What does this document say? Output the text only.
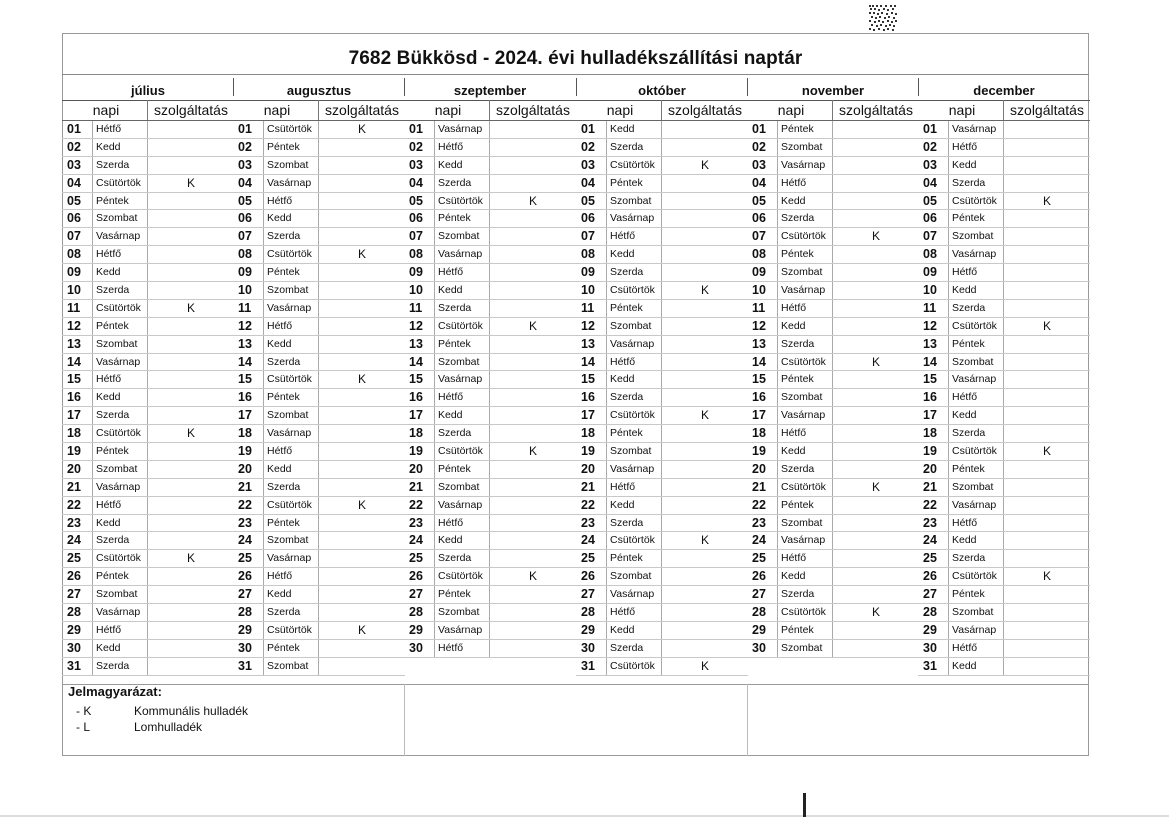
7682 Bükkösd - 2024. évi hulladékszállítási naptár
július
napi	szolgáltatás
01	Hétfő
02	Kedd
03	Szerda
04	Csütörtök	K
05	Péntek
06	Szombat
07	Vasárnap
08	Hétfő
09	Kedd
10	Szerda
11	Csütörtök	K
12	Péntek
13	Szombat
14	Vasárnap
15	Hétfő
16	Kedd
17	Szerda
18	Csütörtök	K
19	Péntek
20	Szombat
21	Vasárnap
22	Hétfő
23	Kedd
24	Szerda
25	Csütörtök	K
26	Péntek
27	Szombat
28	Vasárnap
29	Hétfő
30	Kedd
31	Szerda
augusztus
napi	szolgáltatás
01	Csütörtök	K
02	Péntek
03	Szombat
04	Vasárnap
05	Hétfő
06	Kedd
07	Szerda
08	Csütörtök	K
09	Péntek
10	Szombat
11	Vasárnap
12	Hétfő
13	Kedd
14	Szerda
15	Csütörtök	K
16	Péntek
17	Szombat
18	Vasárnap
19	Hétfő
20	Kedd
21	Szerda
22	Csütörtök	K
23	Péntek
24	Szombat
25	Vasárnap
26	Hétfő
27	Kedd
28	Szerda
29	Csütörtök	K
30	Péntek
31	Szombat
szeptember
napi	szolgáltatás
01	Vasárnap
02	Hétfő
03	Kedd
04	Szerda
05	Csütörtök	K
06	Péntek
07	Szombat
08	Vasárnap
09	Hétfő
10	Kedd
11	Szerda
12	Csütörtök	K
13	Péntek
14	Szombat
15	Vasárnap
16	Hétfő
17	Kedd
18	Szerda
19	Csütörtök	K
20	Péntek
21	Szombat
22	Vasárnap
23	Hétfő
24	Kedd
25	Szerda
26	Csütörtök	K
27	Péntek
28	Szombat
29	Vasárnap
30	Hétfő
október
napi	szolgáltatás
01	Kedd
02	Szerda
03	Csütörtök	K
04	Péntek
05	Szombat
06	Vasárnap
07	Hétfő
08	Kedd
09	Szerda
10	Csütörtök	K
11	Péntek
12	Szombat
13	Vasárnap
14	Hétfő
15	Kedd
16	Szerda
17	Csütörtök	K
18	Péntek
19	Szombat
20	Vasárnap
21	Hétfő
22	Kedd
23	Szerda
24	Csütörtök	K
25	Péntek
26	Szombat
27	Vasárnap
28	Hétfő
29	Kedd
30	Szerda
31	Csütörtök	K
november
napi	szolgáltatás
01	Péntek
02	Szombat
03	Vasárnap
04	Hétfő
05	Kedd
06	Szerda
07	Csütörtök	K
08	Péntek
09	Szombat
10	Vasárnap
11	Hétfő
12	Kedd
13	Szerda
14	Csütörtök	K
15	Péntek
16	Szombat
17	Vasárnap
18	Hétfő
19	Kedd
20	Szerda
21	Csütörtök	K
22	Péntek
23	Szombat
24	Vasárnap
25	Hétfő
26	Kedd
27	Szerda
28	Csütörtök	K
29	Péntek
30	Szombat
december
napi	szolgáltatás
01	Vasárnap
02	Hétfő
03	Kedd
04	Szerda
05	Csütörtök	K
06	Péntek
07	Szombat
08	Vasárnap
09	Hétfő
10	Kedd
11	Szerda
12	Csütörtök	K
13	Péntek
14	Szombat
15	Vasárnap
16	Hétfő
17	Kedd
18	Szerda
19	Csütörtök	K
20	Péntek
21	Szombat
22	Vasárnap
23	Hétfő
24	Kedd
25	Szerda
26	Csütörtök	K
27	Péntek
28	Szombat
29	Vasárnap
30	Hétfő
31	Kedd
Jelmagyarázat:
- K	Kommunális hulladék
- L	Lomhulladék
